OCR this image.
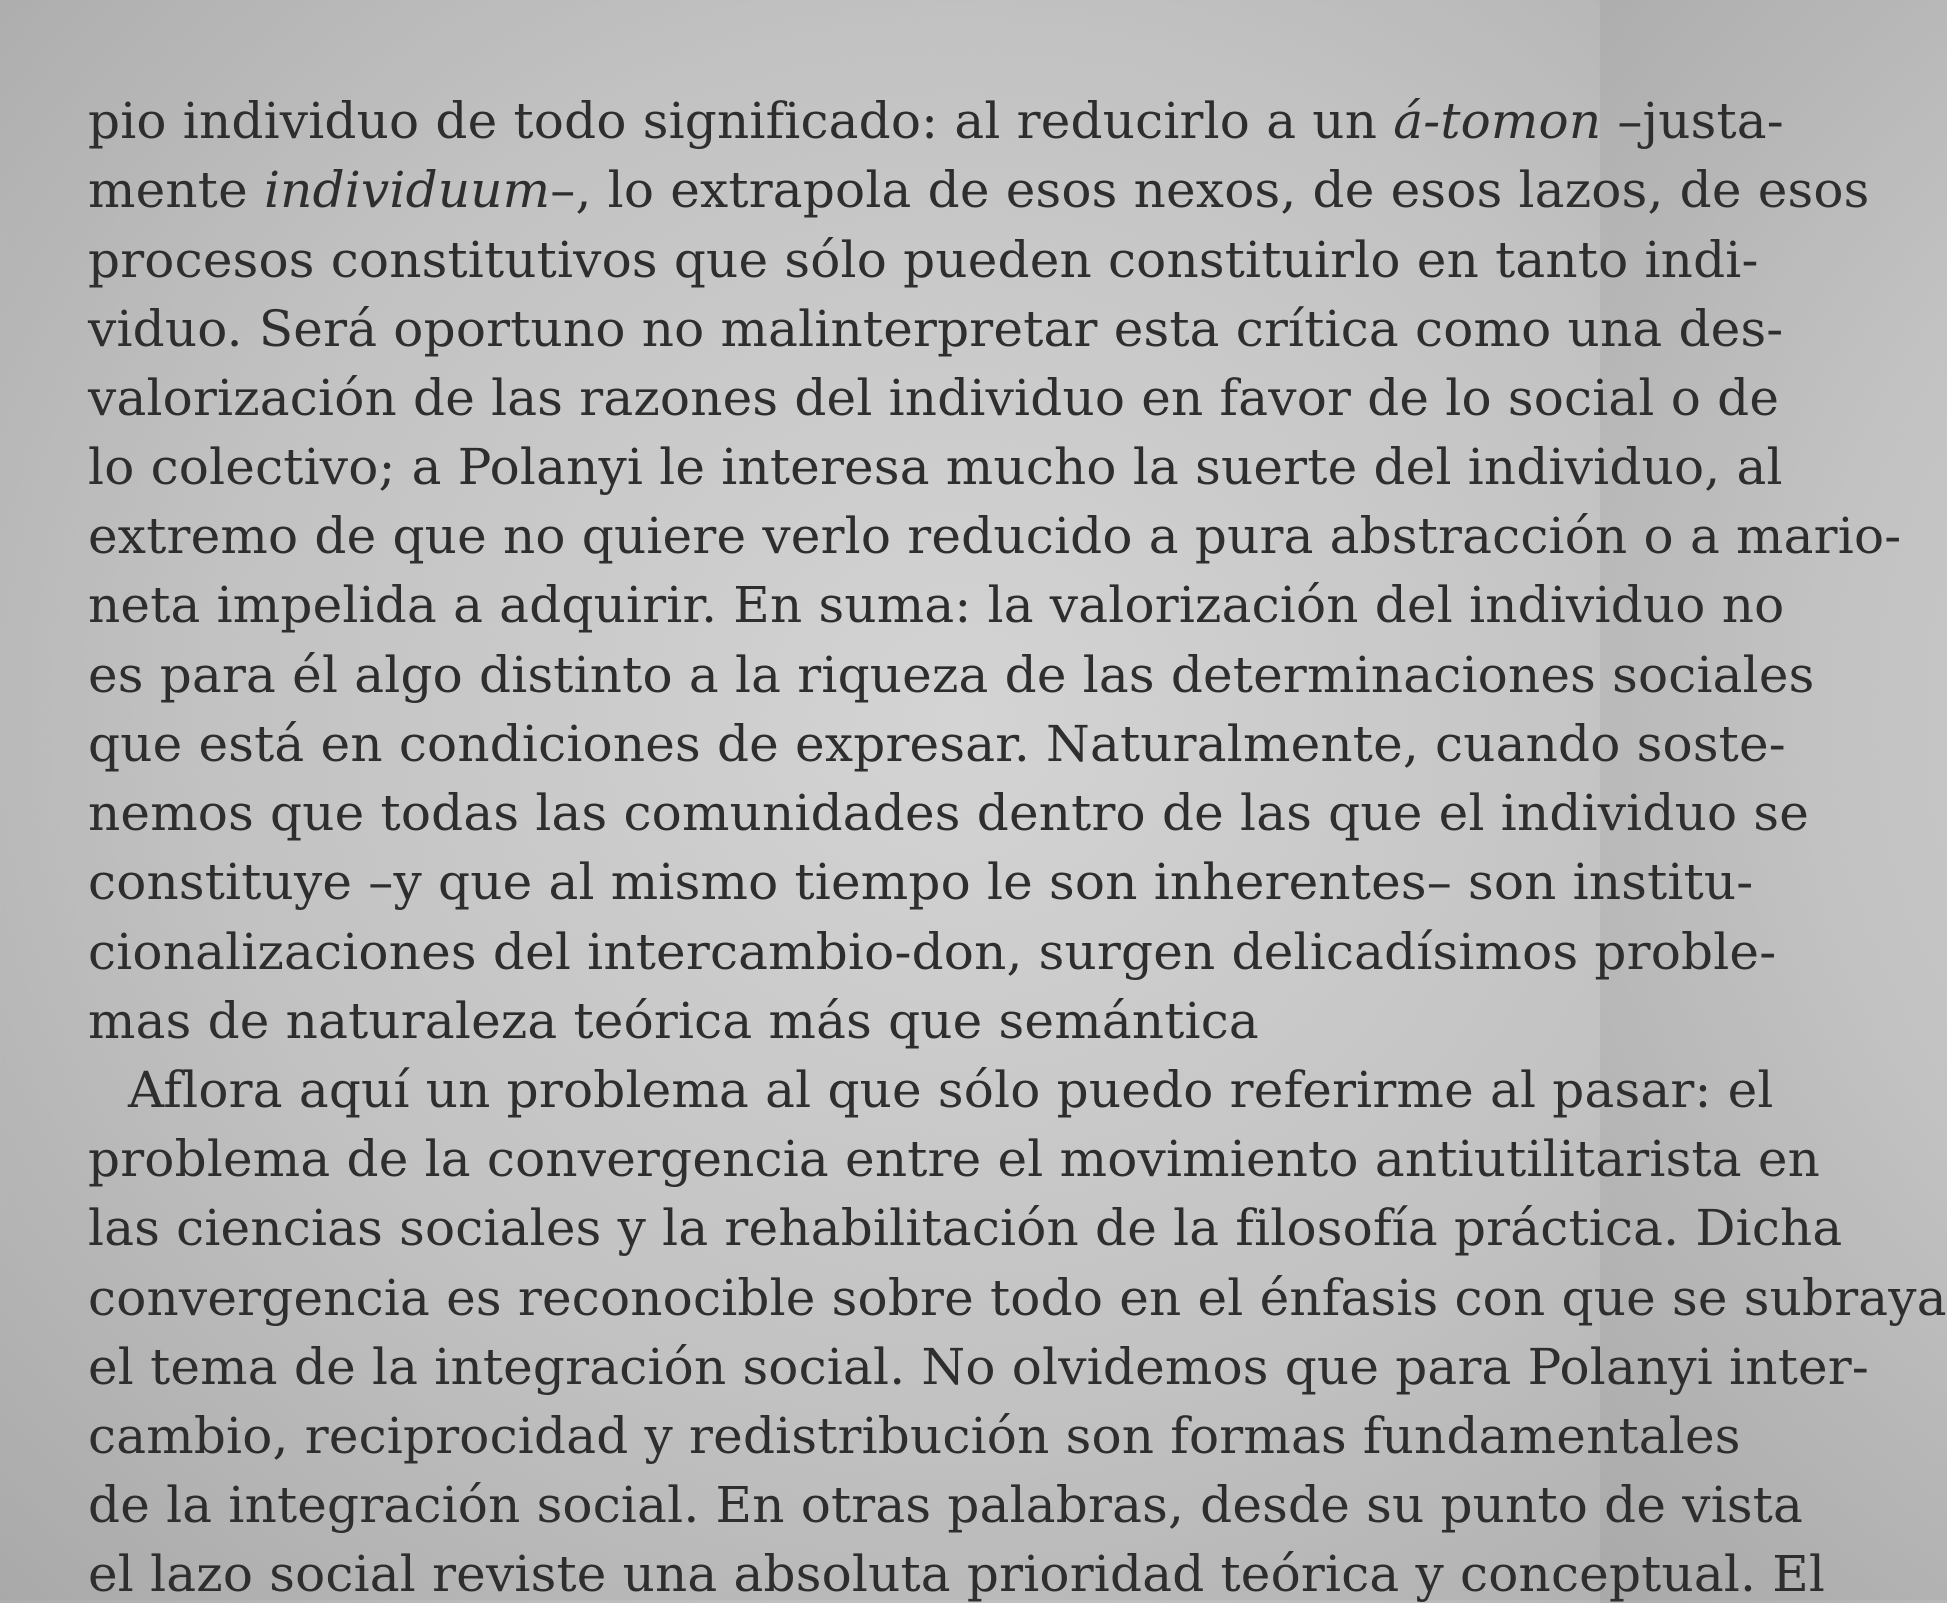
pio individuo de todo significado: al reducirlo a un á-tomon –justa-

mente individuum–, lo extrapola de esos nexos, de esos lazos, de esos

procesos constitutivos que sólo pueden constituirlo en tanto indi-

viduo. Será oportuno no malinterpretar esta crítica como una des-

valorización de las razones del individuo en favor de lo social o de

lo colectivo; a Polanyi le interesa mucho la suerte del individuo, al

extremo de que no quiere verlo reducido a pura abstracción o a mario-

neta impelida a adquirir. En suma: la valorización del individuo no

es para él algo distinto a la riqueza de las determinaciones sociales

que está en condiciones de expresar. Naturalmente, cuando soste-

nemos que todas las comunidades dentro de las que el individuo se

constituye –y que al mismo tiempo le son inherentes– son institu-

cionalizaciones del intercambio-don, surgen delicadísimos proble-

mas de naturaleza teórica más que semántica

Aflora aquí un problema al que sólo puedo referirme al pasar: el

problema de la convergencia entre el movimiento antiutilitarista en

las ciencias sociales y la rehabilitación de la filosofía práctica. Dicha

convergencia es reconocible sobre todo en el énfasis con que se subraya

el tema de la integración social. No olvidemos que para Polanyi inter-

cambio, reciprocidad y redistribución son formas fundamentales

de la integración social. En otras palabras, desde su punto de vista

el lazo social reviste una absoluta prioridad teórica y conceptual. El
